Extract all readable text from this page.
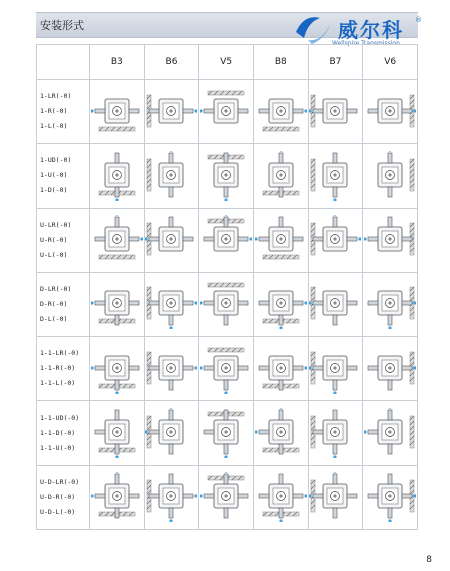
安装形式	威尔科 ®
Wellspire Transmission
	B3	B6	V5	B8	B7	V6

1-LR(-0)
1-R(-0)
1-L(-0)

1-UD(-0)
1-U(-0)
1-D(-0)

U-LR(-0)
U-R(-0)
U-L(-0)

D-LR(-0)
D-R(-0)
D-L(-0)

1-1-LR(-0)
1-1-R(-0)
1-1-L(-0)

1-1-UD(-0)
1-1-D(-0)
1-1-U(-0)

U-D-LR(-0)
U-D-R(-0)
U-D-L(-0)

8
